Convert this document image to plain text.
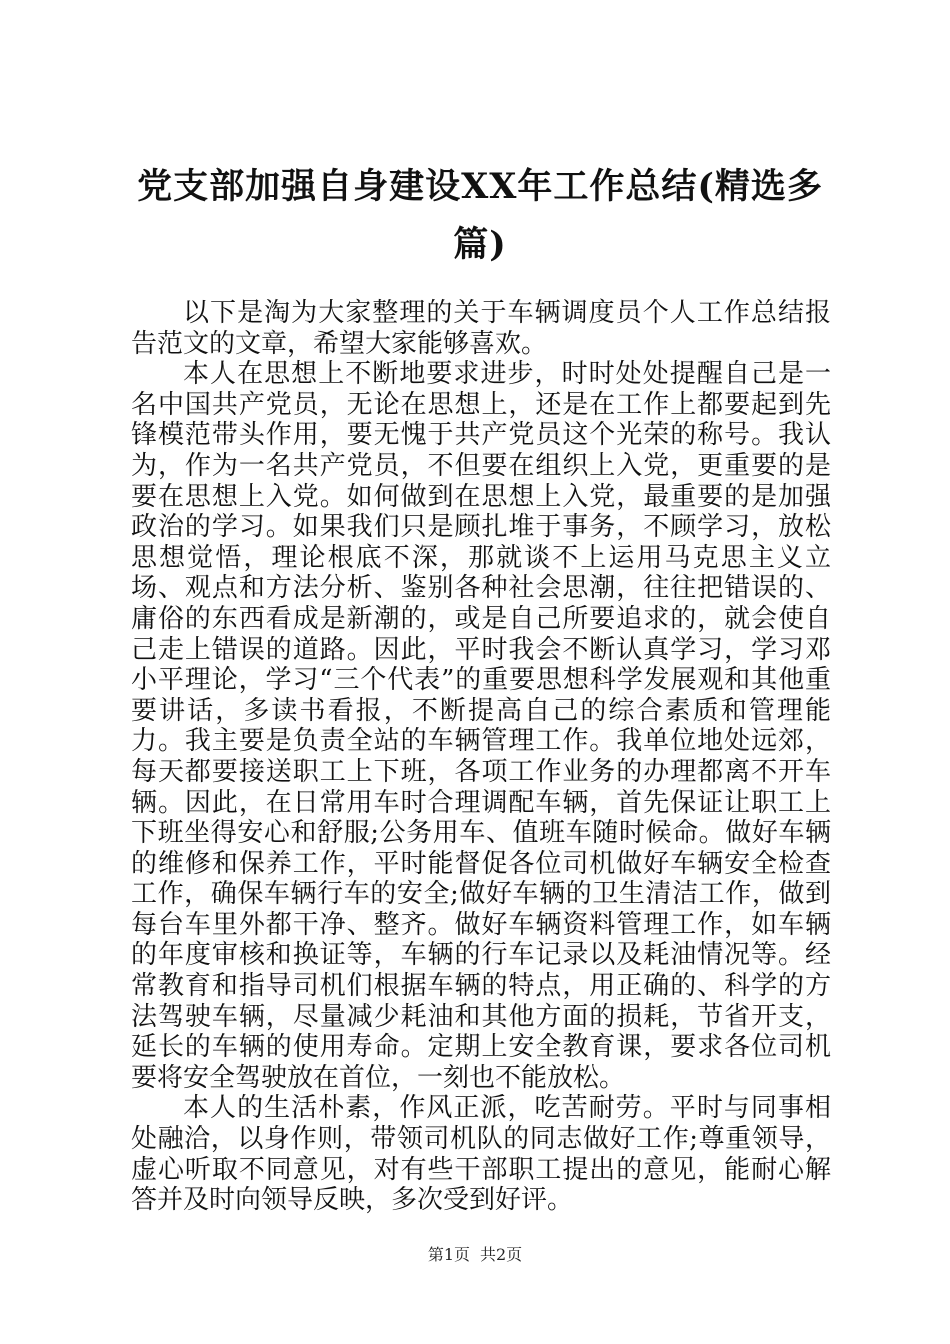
党支部加强自身建设XX年工作总结(精选多篇)

以下是淘为大家整理的关于车辆调度员个人工作总结报告范文的文章，希望大家能够喜欢。

本人在思想上不断地要求进步，时时处处提醒自己是一名中国共产党员，无论在思想上，还是在工作上都要起到先锋模范带头作用，要无愧于共产党员这个光荣的称号。我认为，作为一名共产党员，不但要在组织上入党，更重要的是要在思想上入党。如何做到在思想上入党，最重要的是加强政治的学习。如果我们只是顾扎堆于事务，不顾学习，放松思想觉悟，理论根底不深，那就谈不上运用马克思主义立场、观点和方法分析、鉴别各种社会思潮，往往把错误的、庸俗的东西看成是新潮的，或是自己所要追求的，就会使自己走上错误的道路。因此，平时我会不断认真学习，学习邓小平理论，学习“三个代表”的重要思想科学发展观和其他重要讲话，多读书看报，不断提高自己的综合素质和管理能力。我主要是负责全站的车辆管理工作。我单位地处远郊，每天都要接送职工上下班，各项工作业务的办理都离不开车辆。因此，在日常用车时合理调配车辆，首先保证让职工上下班坐得安心和舒服;公务用车、值班车随时候命。做好车辆的维修和保养工作，平时能督促各位司机做好车辆安全检查工作，确保车辆行车的安全;做好车辆的卫生清洁工作，做到每台车里外都干净、整齐。做好车辆资料管理工作，如车辆的年度审核和换证等，车辆的行车记录以及耗油情况等。经常教育和指导司机们根据车辆的特点，用正确的、科学的方法驾驶车辆，尽量减少耗油和其他方面的损耗，节省开支，延长的车辆的使用寿命。定期上安全教育课，要求各位司机要将安全驾驶放在首位，一刻也不能放松。

本人的生活朴素，作风正派，吃苦耐劳。平时与同事相处融洽，以身作则，带领司机队的同志做好工作;尊重领导，虚心听取不同意见，对有些干部职工提出的意见，能耐心解答并及时向领导反映，多次受到好评。

第1页 共2页
